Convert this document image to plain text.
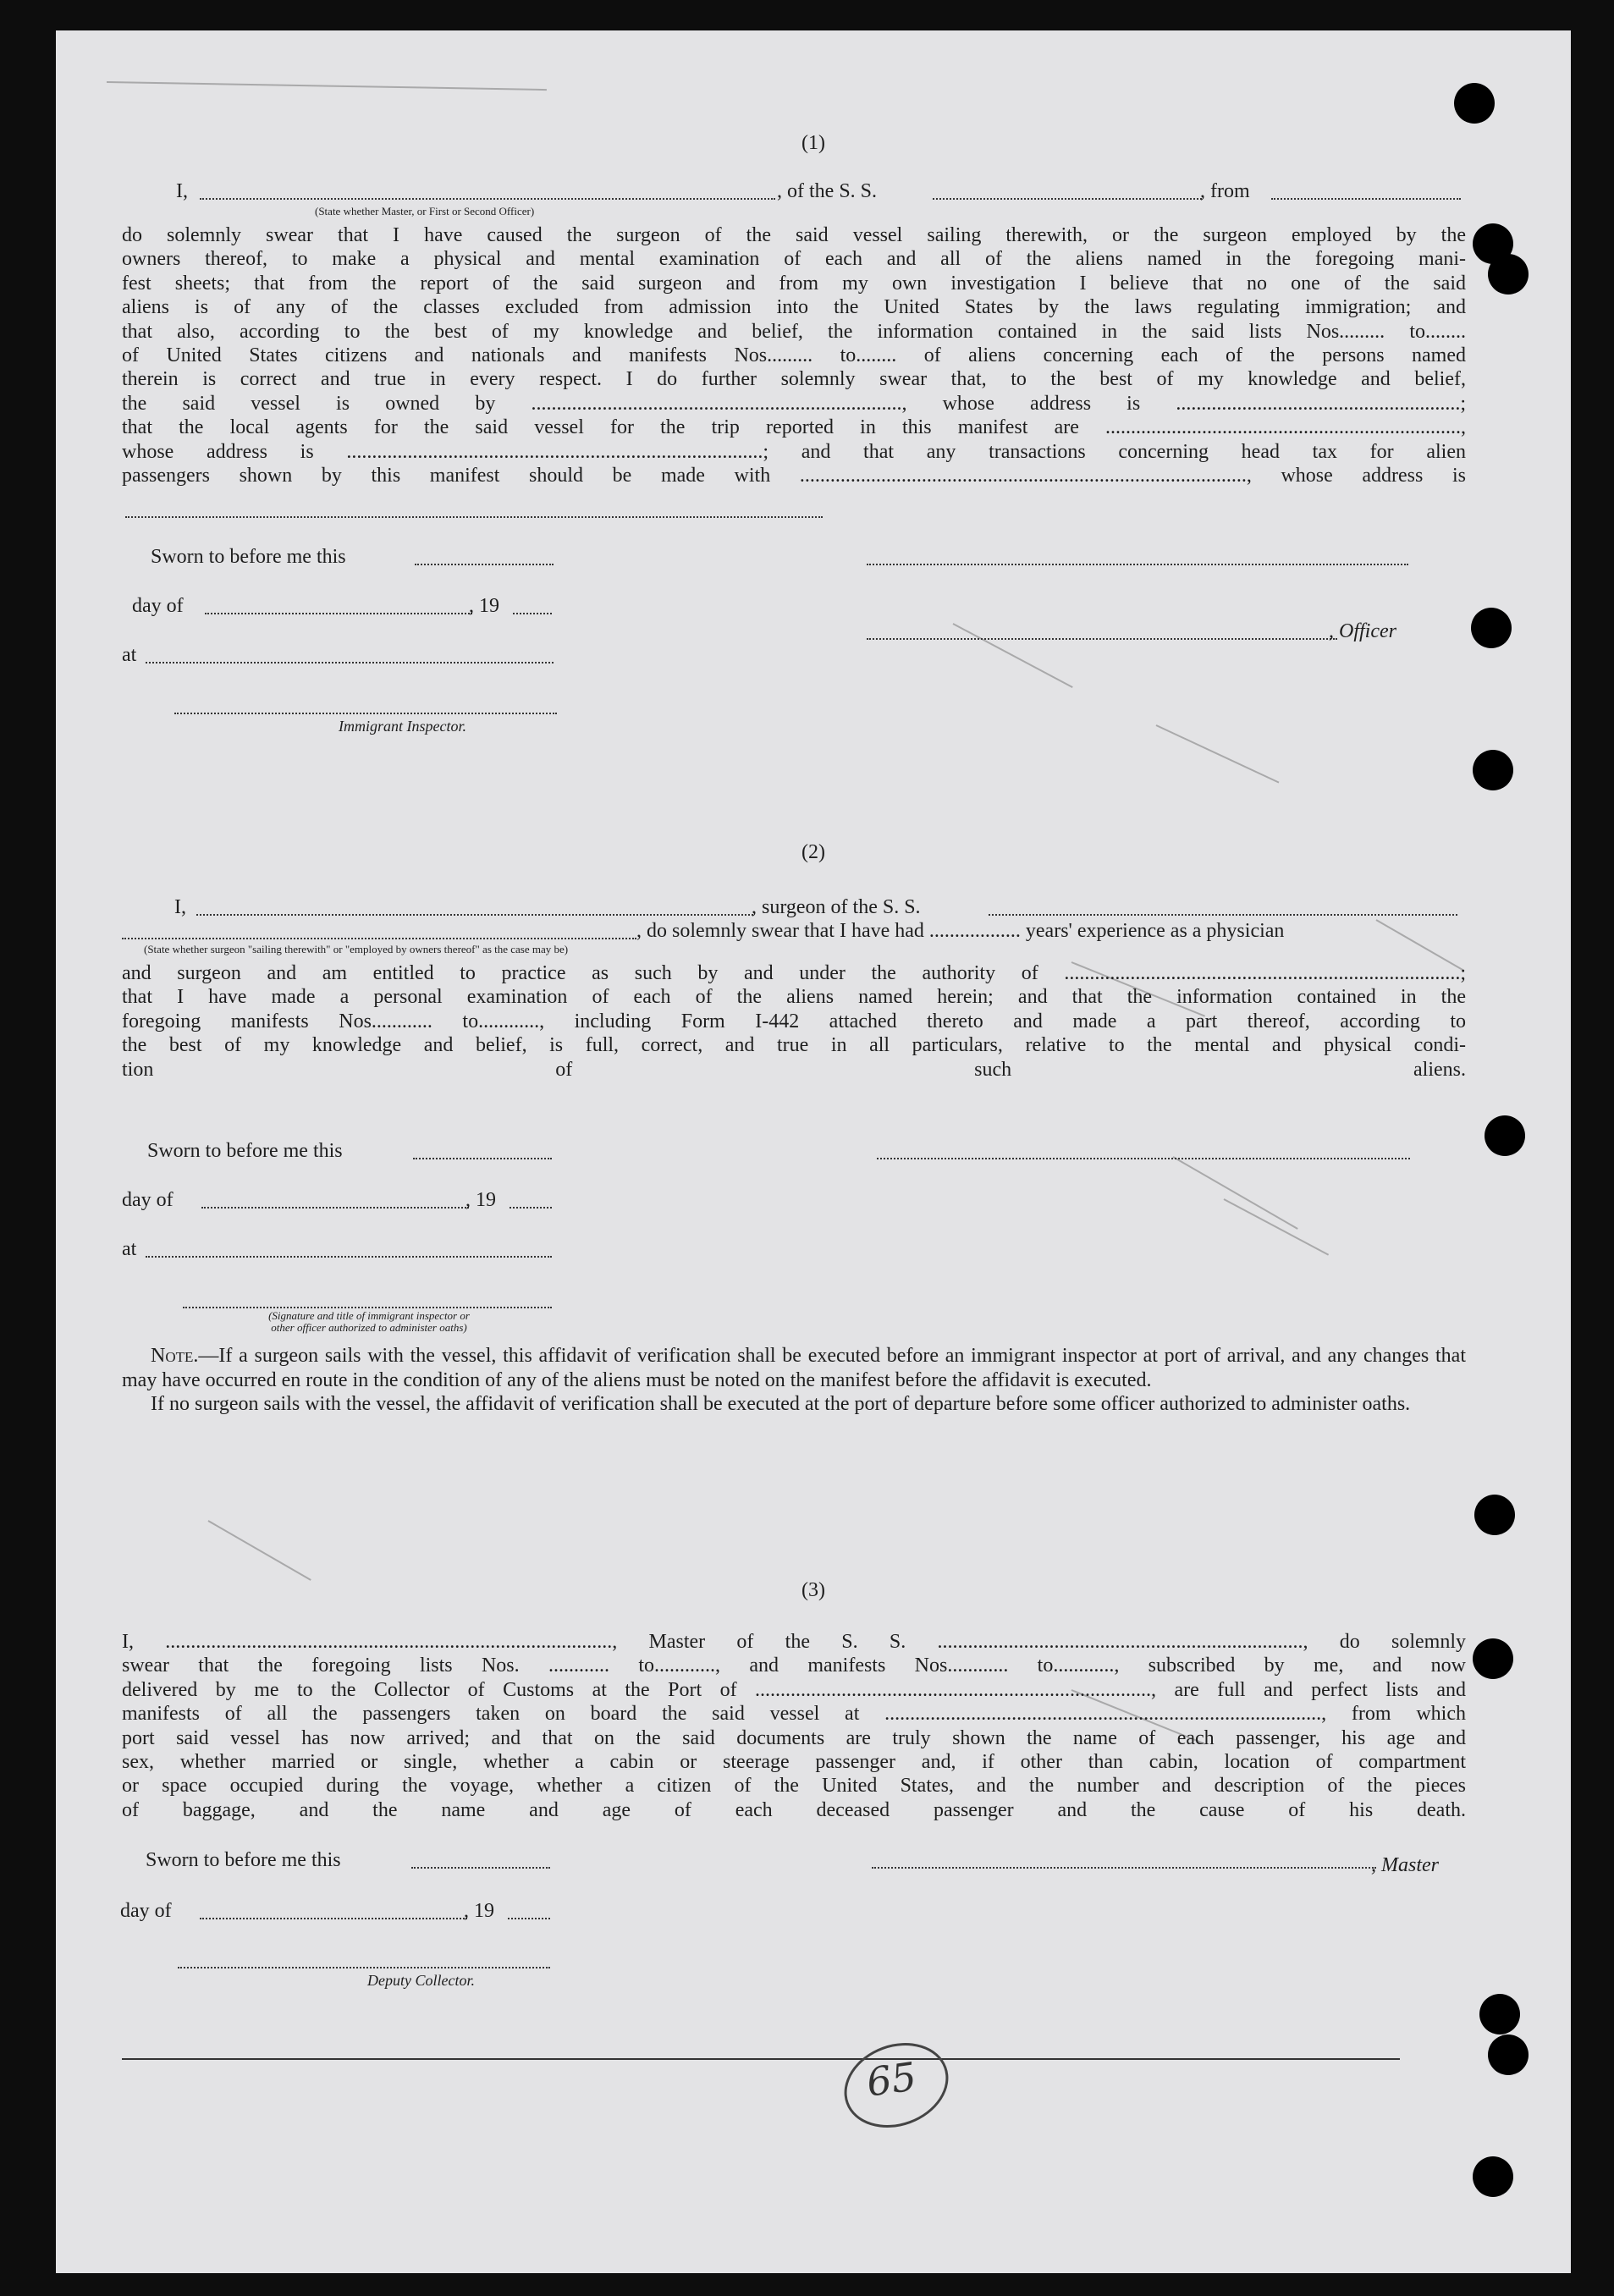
(1)
I,	, of the S. S.	, from
(State whether Master, or First or Second Officer)
do solemnly swear that I have caused the surgeon of the said vessel sailing therewith, or the surgeon employed by the
owners thereof, to make a physical and mental examination of each and all of the aliens named in the foregoing mani-
fest sheets; that from the report of the said surgeon and from my own investigation I believe that no one of the said
aliens is of any of the classes excluded from admission into the United States by the laws regulating immigration; and
that also, according to the best of my knowledge and belief, the information contained in the said lists Nos......... to........
of United States citizens and nationals and manifests Nos......... to........ of aliens concerning each of the persons named
therein is correct and true in every respect. I do further solemnly swear that, to the best of my knowledge and belief,
the said vessel is owned by ........................................................................., whose address is ........................................................;
that the local agents for the said vessel for the trip reported in this manifest are ......................................................................,
whose address is ..................................................................................; and that any transactions concerning head tax for alien
passengers shown by this manifest should be made with ........................................................................................, whose address is
Sworn to before me this
day of	, 19
, Officer
at
Immigrant Inspector.
(2)
I,	, surgeon of the S. S.
, do solemnly swear that I have had .................. years' experience as a physician
(State whether surgeon "sailing therewith" or "employed by owners thereof" as the case may be)
and surgeon and am entitled to practice as such by and under the authority of ..............................................................................;
that I have made a personal examination of each of the aliens named herein; and that the information contained in the
foregoing manifests Nos............ to............, including Form I-442 attached thereto and made a part thereof, according to
the best of my knowledge and belief, is full, correct, and true in all particulars, relative to the mental and physical condi-
tion of such aliens.
Sworn to before me this
day of	, 19
at
(Signature and title of immigrant inspector or
other officer authorized to administer oaths)
Note.—If a surgeon sails with the vessel, this affidavit of verification shall be executed before an immigrant inspector at port of arrival, and any changes that may have occurred en route in the condition of any of the aliens must be noted on the manifest before the affidavit is executed.
If no surgeon sails with the vessel, the affidavit of verification shall be executed at the port of departure before some officer authorized to administer oaths.
(3)
I, ........................................................................................, Master of the S. S. ........................................................................, do solemnly
swear that the foregoing lists Nos. ............ to............, and manifests Nos............ to............, subscribed by me, and now
delivered by me to the Collector of Customs at the Port of .............................................................................., are full and perfect lists and
manifests of all the passengers taken on board the said vessel at ......................................................................................, from which
port said vessel has now arrived; and that on the said documents are truly shown the name of each passenger, his age and
sex, whether married or single, whether a cabin or steerage passenger and, if other than cabin, location of compartment
or space occupied during the voyage, whether a citizen of the United States, and the number and description of the pieces
of baggage, and the name and age of each deceased passenger and the cause of his death.
Sworn to before me this	, Master
day of	, 19
Deputy Collector.
65
